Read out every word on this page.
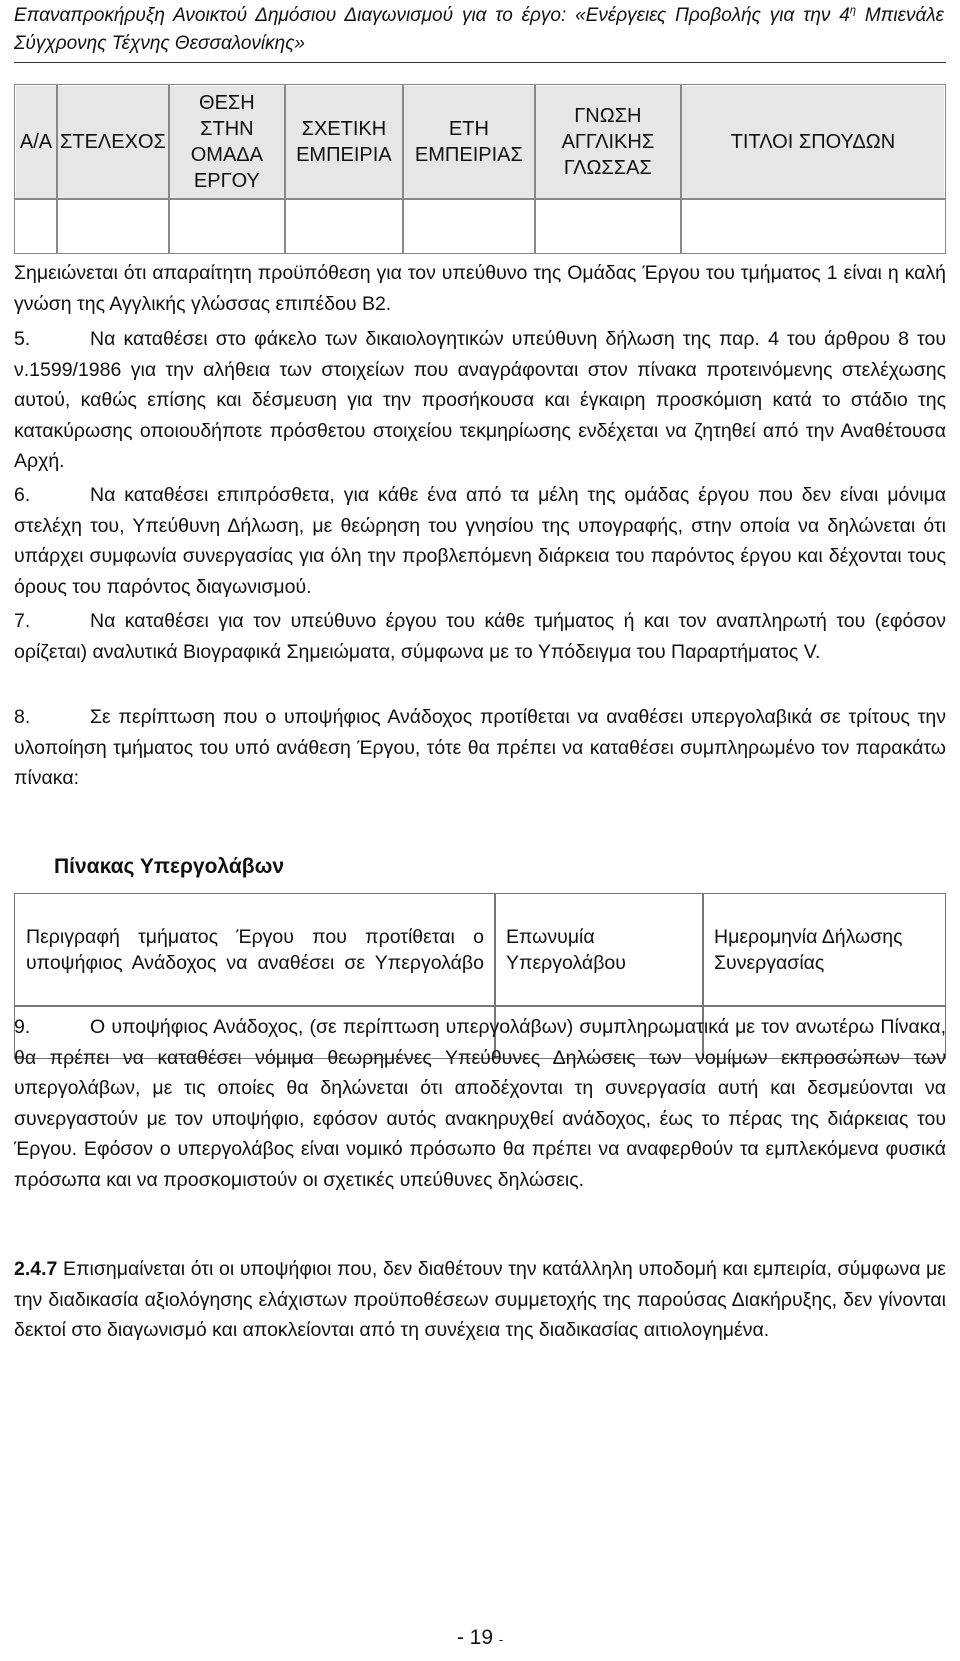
Επαναπροκήρυξη Ανοικτού Δημόσιου Διαγωνισμού για το έργο: «Ενέργειες Προβολής για την $4^\eta$ Μπιενάλε Σύγχρονης Τέχνης Θεσσαλονίκης»
Α/Α	ΣΤΕΛΕΧΟΣ	ΘΕΣΗ ΣΤΗΝ ΟΜΑΔΑ ΕΡΓΟΥ	ΣΧΕΤΙΚΗ ΕΜΠΕΙΡΙΑ	ΕΤΗ ΕΜΠΕΙΡΙΑΣ	ΓΝΩΣΗ ΑΓΓΛΙΚΗΣ ΓΛΩΣΣΑΣ	ΤΙΤΛΟΙ ΣΠΟΥΔΩΝ

Σημειώνεται ότι απαραίτητη προϋπόθεση για τον υπεύθυνο της Ομάδας Έργου του τμήματος 1 είναι η καλή γνώση της Αγγλικής γλώσσας επιπέδου Β2.

5.	Να καταθέσει στο φάκελο των δικαιολογητικών υπεύθυνη δήλωση της παρ. 4 του άρθρου 8 του ν.1599/1986 για την αλήθεια των στοιχείων που αναγράφονται στον πίνακα προτεινόμενης στελέχωσης αυτού, καθώς επίσης και δέσμευση για την προσήκουσα και έγκαιρη προσκόμιση κατά το στάδιο της κατακύρωσης οποιουδήποτε πρόσθετου στοιχείου τεκμηρίωσης ενδέχεται να ζητηθεί από την Αναθέτουσα Αρχή.

6.	Να καταθέσει επιπρόσθετα, για κάθε ένα από τα μέλη της ομάδας έργου που δεν είναι μόνιμα στελέχη του, Υπεύθυνη Δήλωση, με θεώρηση του γνησίου της υπογραφής, στην οποία να δηλώνεται ότι υπάρχει συμφωνία συνεργασίας για όλη την προβλεπόμενη διάρκεια του παρόντος έργου και δέχονται τους όρους του παρόντος διαγωνισμού.

7.	Να καταθέσει για τον υπεύθυνο έργου του κάθε τμήματος ή και τον αναπληρωτή του (εφόσον ορίζεται) αναλυτικά Βιογραφικά Σημειώματα, σύμφωνα με το Υπόδειγμα του Παραρτήματος V.

8.	Σε περίπτωση που ο υποψήφιος Ανάδοχος προτίθεται να αναθέσει υπεργολαβικά σε τρίτους την υλοποίηση τμήματος του υπό ανάθεση Έργου, τότε θα πρέπει να καταθέσει συμπληρωμένο τον παρακάτω πίνακα:

Πίνακας Υπεργολάβων
Περιγραφή τμήματος Έργου που προτίθεται ο υποψήφιος Ανάδοχος να αναθέσει σε Υπεργολάβο	Επωνυμία Υπεργολάβου	Ημερομηνία Δήλωσης Συνεργασίας

9.	Ο υποψήφιος Ανάδοχος, (σε περίπτωση υπεργολάβων) συμπληρωματικά με τον ανωτέρω Πίνακα, θα πρέπει να καταθέσει νόμιμα θεωρημένες Υπεύθυνες Δηλώσεις των νομίμων εκπροσώπων των υπεργολάβων, με τις οποίες θα δηλώνεται ότι αποδέχονται τη συνεργασία αυτή και δεσμεύονται να συνεργαστούν με τον υποψήφιο, εφόσον αυτός ανακηρυχθεί ανάδοχος, έως το πέρας της διάρκειας του Έργου. Εφόσον ο υπεργολάβος είναι νομικό πρόσωπο θα πρέπει να αναφερθούν τα εμπλεκόμενα φυσικά πρόσωπα και να προσκομιστούν οι σχετικές υπεύθυνες δηλώσεις.

2.4.7 Επισημαίνεται ότι οι υποψήφιοι που, δεν διαθέτουν την κατάλληλη υποδομή και εμπειρία, σύμφωνα με την διαδικασία αξιολόγησης ελάχιστων προϋποθέσεων συμμετοχής της παρούσας Διακήρυξης, δεν γίνονται δεκτοί στο διαγωνισμό και αποκλείονται από τη συνέχεια της διαδικασίας αιτιολογημένα.

- 19 -
